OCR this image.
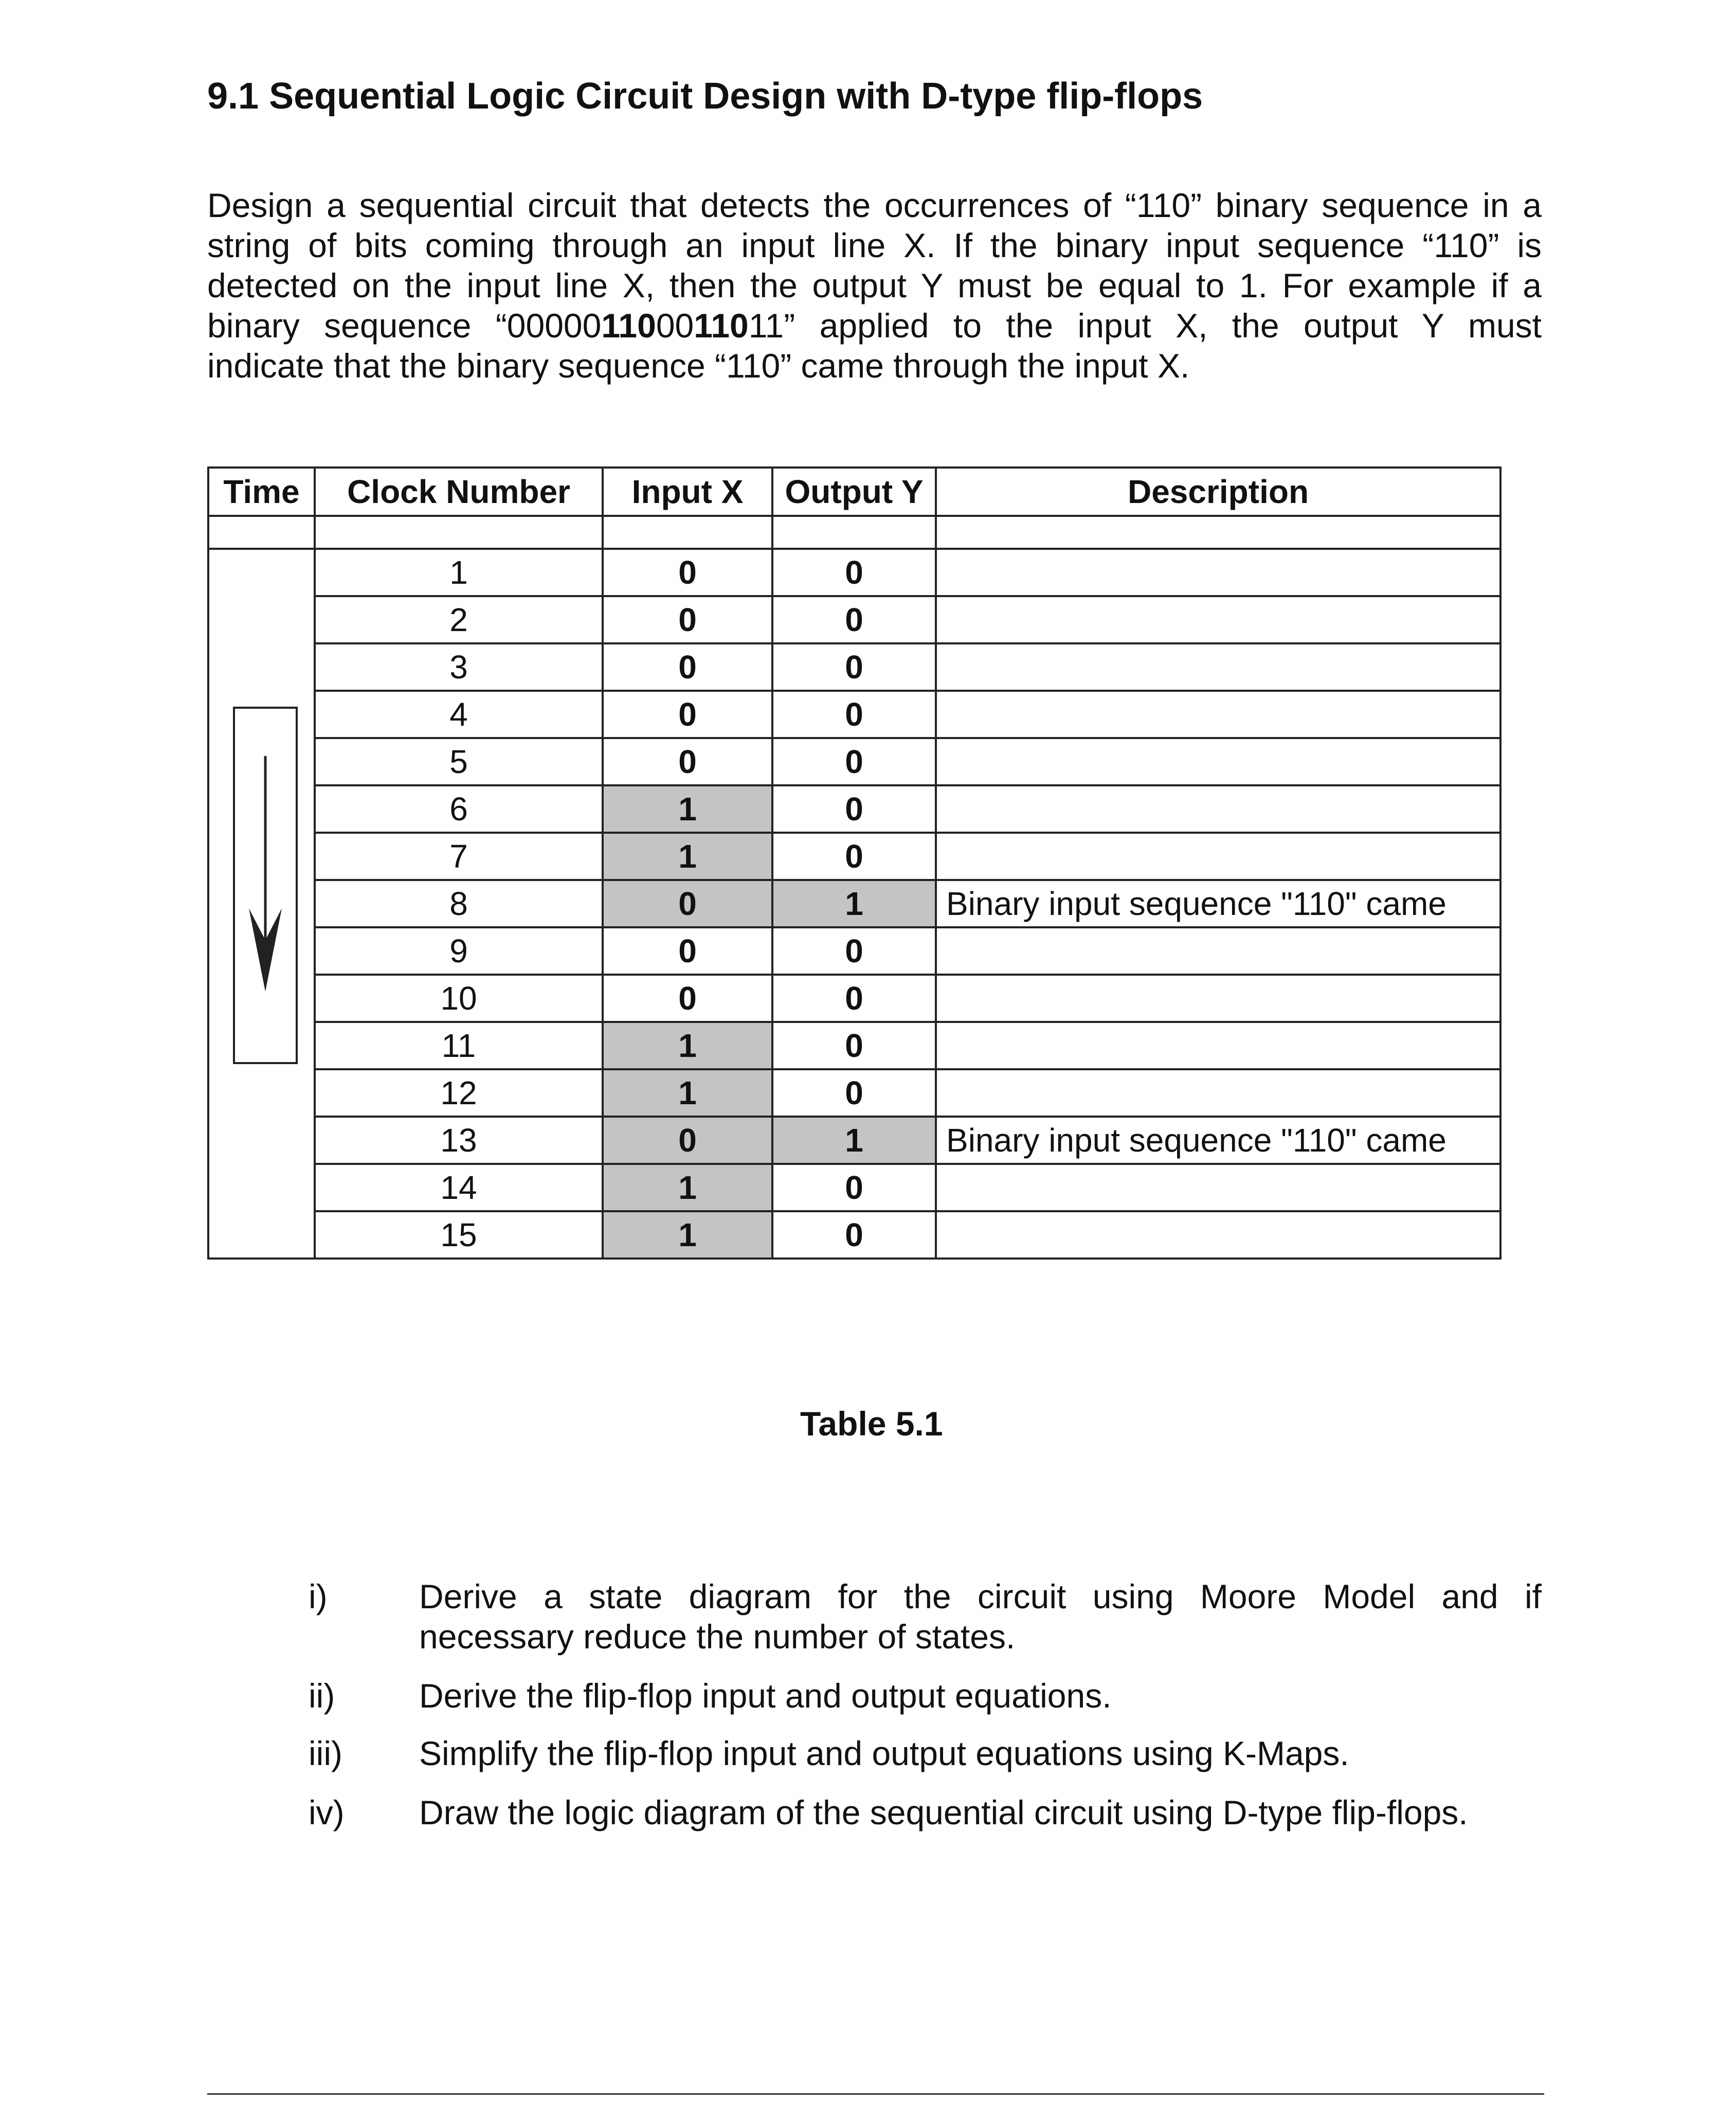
9.1 Sequential Logic Circuit Design with D-type flip-flops
Design a sequential circuit that detects the occurrences of “110” binary sequence in a
string of bits coming through an input line X. If the binary input sequence “110” is
detected on the input line X, then the output Y must be equal to 1. For example if a
binary sequence “000001100011011” applied to the input X, the output Y must
indicate that the binary sequence “110” came through the input X.
Time	Clock Number	Input X	Output Y	Description

	1	0	0	
	2	0	0	
	3	0	0	
	4	0	0	
	5	0	0	
	6	1	0	
	7	1	0	
	8	0	1	Binary input sequence "110" came
	9	0	0	
	10	0	0	
	11	1	0	
	12	1	0	
	13	0	1	Binary input sequence "110" came
	14	1	0	
	15	1	0	
Table 5.1
i)	Derive a state diagram for the circuit using Moore Model and if
necessary reduce the number of states.
ii) Derive the flip-flop input and output equations.
iii) Simplify the flip-flop input and output equations using K-Maps.
iv) Draw the logic diagram of the sequential circuit using D-type flip-flops.
